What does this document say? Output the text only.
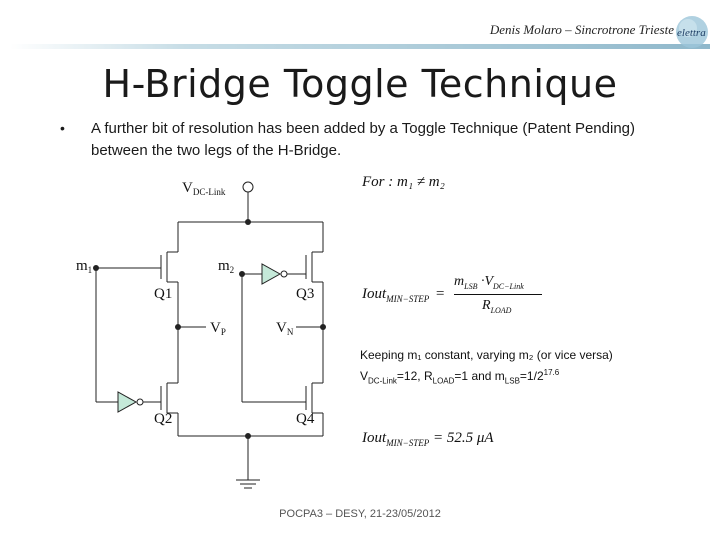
Denis Molaro – Sincrotrone Trieste elettra
H-Bridge Toggle Technique
• A further bit of resolution has been added by a Toggle Technique (Patent Pending) between the two legs of the H-Bridge.
$V_{DC-Link}$
$m_1$	$m_2$
Q1
Q2
Q3
Q4
$V_P$	$V_N$
For : m₁ ≠ m₂
Iout$_{MIN-STEP}$ =
$m_{LSB} \cdot V_{DC-Link}$
$R_{LOAD}$
Keeping m₁ constant, varying m₂ (or vice versa)
$V_{DC-Link}=12$, $R_{LOAD}=1$ and $m_{LSB}=1/2^{17.6}$
Iout$_{MIN-STEP}$ = 52.5 μA
POCPA3 – DESY, 21-23/05/2012
